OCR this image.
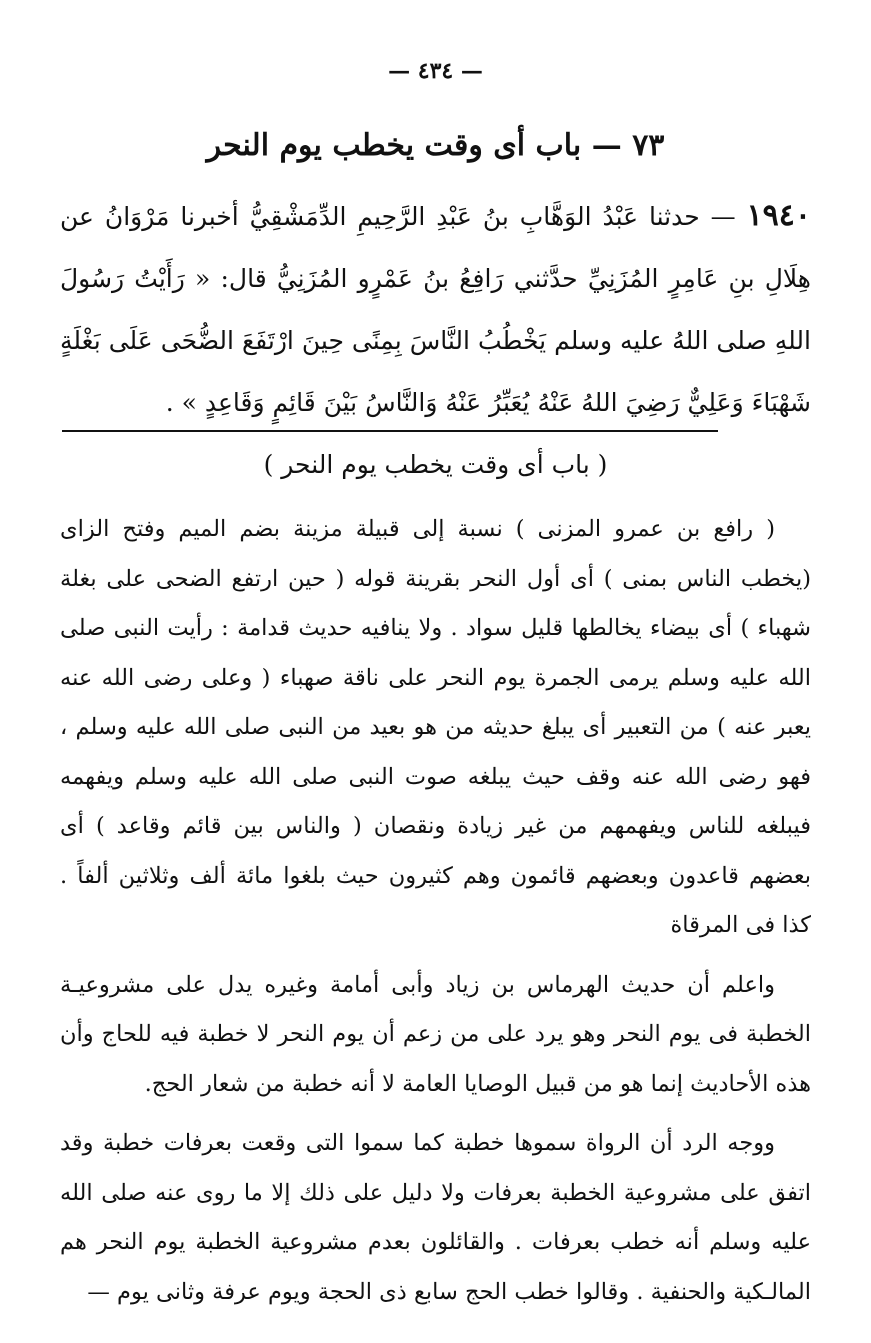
— ٤٣٤ —
٧٣ — باب أى وقت يخطب يوم النحر
١٩٤٠ — حدثنا عَبْدُ الوَهَّابِ بنُ عَبْدِ الرَّحِيمِ الدِّمَشْقِيُّ أخبرنا مَرْوَانُ عن هِلَالِ بنِ عَامِرٍ المُزَنِيِّ حدَّثني رَافِعُ بنُ عَمْرٍو المُزَنِيُّ قال: « رَأَيْتُ رَسُولَ اللهِ صلى اللهُ عليه وسلم يَخْطُبُ النَّاسَ بِمِنًى حِينَ ارْتَفَعَ الضُّحَى عَلَى بَغْلَةٍ شَهْبَاءَ وَعَلِيٌّ رَضِيَ اللهُ عَنْهُ يُعَبِّرُ عَنْهُ وَالنَّاسُ بَيْنَ قَائِمٍ وَقَاعِدٍ » .
( باب أى وقت يخطب يوم النحر )

( رافع بن عمرو المزنى ) نسبة إلى قبيلة مزينة بضم الميم وفتح الزاى (يخطب الناس بمنى ) أى أول النحر بقرينة قوله ( حين ارتفع الضحى على بغلة شهباء ) أى بيضاء يخالطها قليل سواد . ولا ينافيه حديث قدامة : رأيت النبى صلى الله عليه وسلم يرمى الجمرة يوم النحر على ناقة صهباء ( وعلى رضى الله عنه يعبر عنه ) من التعبير أى يبلغ حديثه من هو بعيد من النبى صلى الله عليه وسلم ، فهو رضى الله عنه وقف حيث يبلغه صوت النبى صلى الله عليه وسلم ويفهمه فيبلغه للناس ويفهمهم من غير زيادة ونقصان ( والناس بين قائم وقاعد ) أى بعضهم قاعدون وبعضهم قائمون وهم كثيرون حيث بلغوا مائة ألف وثلاثين ألفاً . كذا فى المرقاة

واعلم أن حديث الهرماس بن زياد وأبى أمامة وغيره يدل على مشروعيـة الخطبة فى يوم النحر وهو يرد على من زعم أن يوم النحر لا خطبة فيه للحاج وأن هذه الأحاديث إنما هو من قبيل الوصايا العامة لا أنه خطبة من شعار الحج.

ووجه الرد أن الرواة سموها خطبة كما سموا التى وقعت بعرفات خطبة وقد اتفق على مشروعية الخطبة بعرفات ولا دليل على ذلك إلا ما روى عنه صلى الله عليه وسلم أنه خطب بعرفات . والقائلون بعدم مشروعية الخطبة يوم النحر هم المالـكية والحنفية . وقالوا خطب الحج سابع ذى الحجة ويوم عرفة وثانى يوم —
